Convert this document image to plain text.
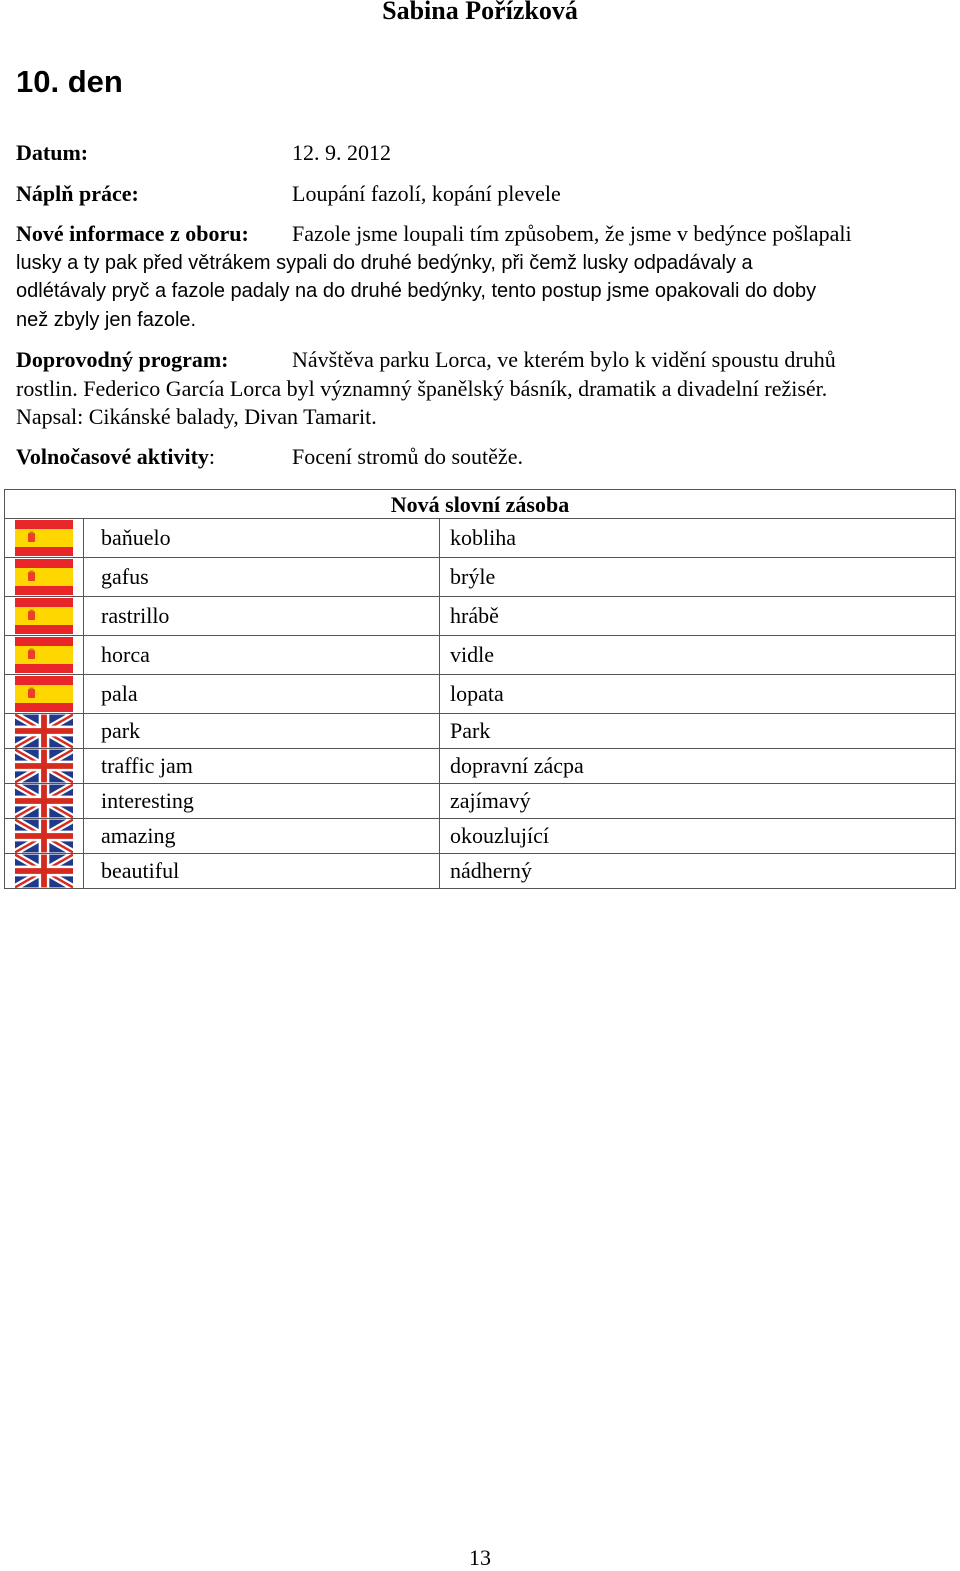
Sabina Pořízková
10. den
Datum:	12. 9. 2012
Náplň práce:	Loupání fazolí, kopání plevele
Nové informace z oboru: Fazole jsme loupali tím způsobem, že jsme v bedýnce pošlapali
lusky a ty pak před větrákem sypali do druhé bedýnky, při čemž lusky odpadávaly a
odlétávaly pryč a fazole padaly na do druhé bedýnky, tento postup jsme opakovali do doby
než zbyly jen fazole.
Doprovodný program:	Návštěva parku Lorca, ve kterém bylo k vidění spoustu druhů
rostlin. Federico García Lorca byl významný španělský básník, dramatik a divadelní režisér.
Napsal: Cikánské balady, Divan Tamarit.
Volnočasové aktivity:	Focení stromů do soutěže.
Nová slovní zásoba		

	baňuelo	kobliha

	gafus	brýle

	rastrillo	hrábě

	horca	vidle

	pala	lopata

	park	Park

	traffic jam	dopravní zácpa

	interesting	zajímavý

	amazing	okouzlující

	beautiful	nádherný
13
